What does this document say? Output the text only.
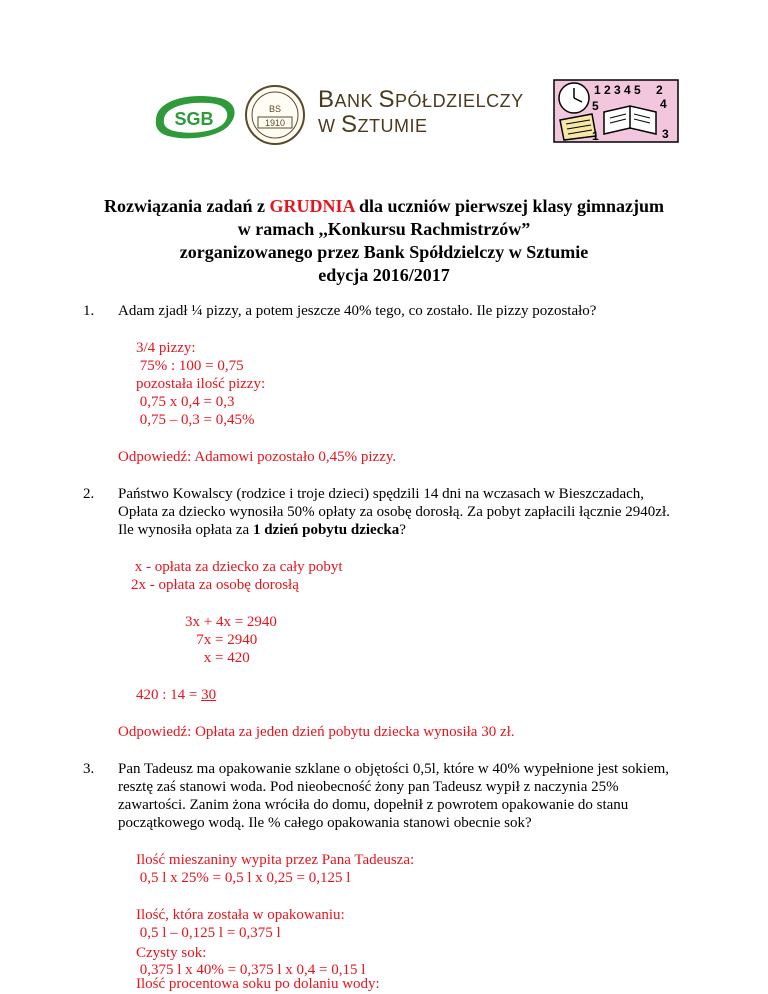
SGB	BS
1910
BANK SPÓŁDZIELCZY
W SZTUMIE
1 2 3 4 5 2
4
5
1	3
Rozwiązania zadań z GRUDNIA dla uczniów pierwszej klasy gimnazjum
w ramach ,,Konkursu Rachmistrzów”
zorganizowanego przez Bank Spółdzielczy w Sztumie
edycja 2016/2017
1. Adam zjadł ¼ pizzy, a potem jeszcze 40% tego, co zostało. Ile pizzy pozostało?
3/4 pizzy:
75% : 100 = 0,75
pozostała ilość pizzy:
0,75 x 0,4 = 0,3
0,75 – 0,3 = 0,45%
Odpowiedź: Adamowi pozostało 0,45% pizzy.
2. Państwo Kowalscy (rodzice i troje dzieci) spędzili 14 dni na wczasach w Bieszczadach,
Opłata za dziecko wynosiła 50% opłaty za osobę dorosłą. Za pobyt zapłacili łącznie 2940zł.
Ile wynosiła opłata za 1 dzień pobytu dziecka?
x - opłata za dziecko za cały pobyt
2x - opłata za osobę dorosłą
3x + 4x = 2940
7x = 2940
x = 420
420 : 14 = 30
Odpowiedź: Opłata za jeden dzień pobytu dziecka wynosiła 30 zł.
3. Pan Tadeusz ma opakowanie szklane o objętości 0,5l, które w 40% wypełnione jest sokiem,
resztę zaś stanowi woda. Pod nieobecność żony pan Tadeusz wypił z naczynia 25%
zawartości. Zanim żona wróciła do domu, dopełnił z powrotem opakowanie do stanu
początkowego wodą. Ile % całego opakowania stanowi obecnie sok?
Ilość mieszaniny wypita przez Pana Tadeusza:
0,5 l x 25% = 0,5 l x 0,25 = 0,125 l
Ilość, która została w opakowaniu:
0,5 l – 0,125 l = 0,375 l
Czysty sok:
0,375 l x 40% = 0,375 l x 0,4 = 0,15 l
Ilość procentowa soku po dolaniu wody:
